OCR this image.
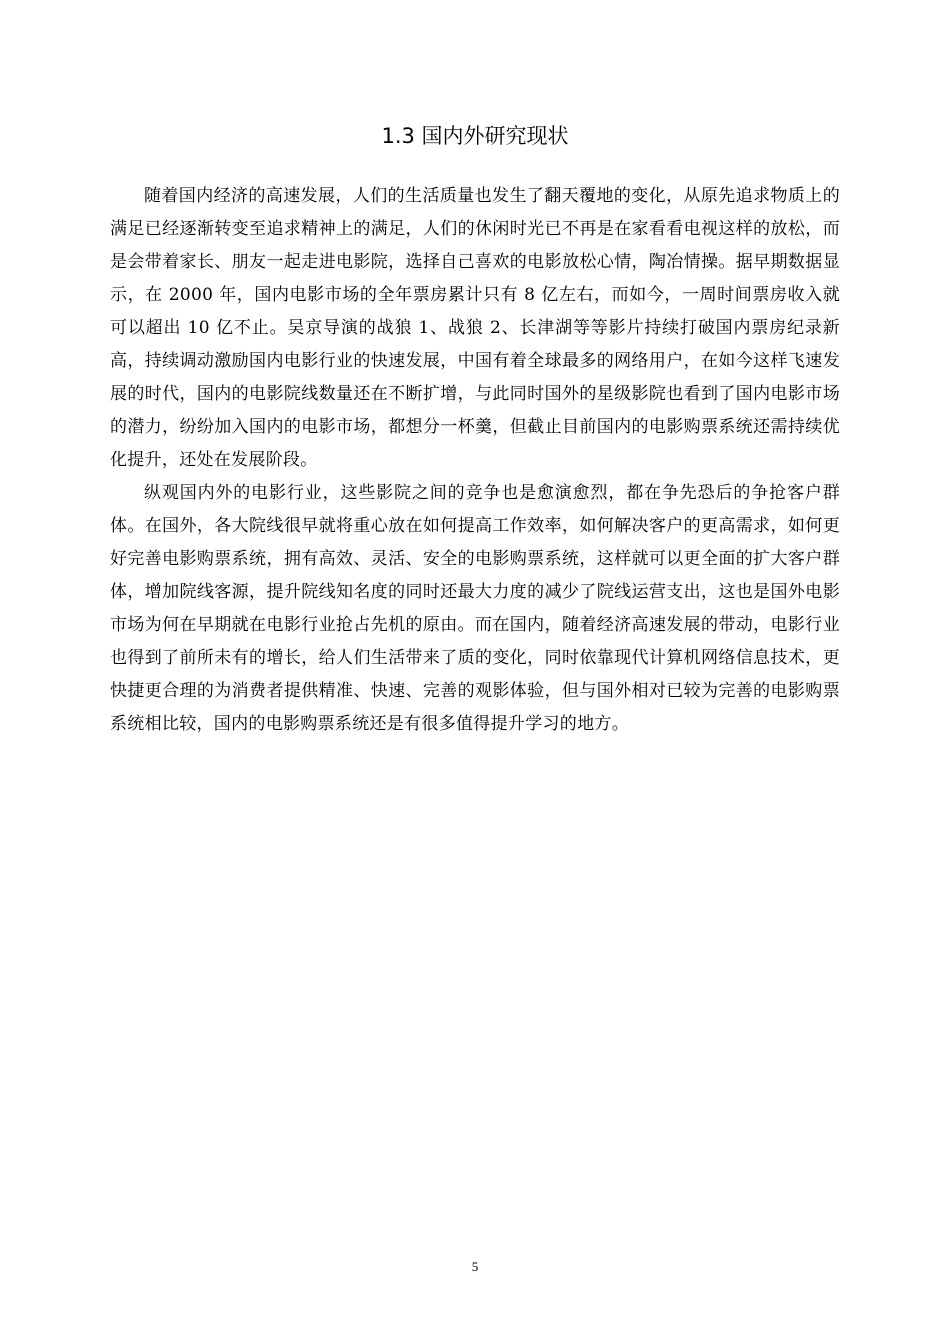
1.3 国内外研究现状

随着国内经济的高速发展，人们的生活质量也发生了翻天覆地的变化，从原先追求物质上的满足已经逐渐转变至追求精神上的满足，人们的休闲时光已不再是在家看看电视这样的放松，而是会带着家长、朋友一起走进电影院，选择自己喜欢的电影放松心情，陶冶情操。据早期数据显示，在 2000 年，国内电影市场的全年票房累计只有 8 亿左右，而如今，一周时间票房收入就可以超出 10 亿不止。吴京导演的战狼 1、战狼 2、长津湖等等影片持续打破国内票房纪录新高，持续调动激励国内电影行业的快速发展，中国有着全球最多的网络用户，在如今这样飞速发展的时代，国内的电影院线数量还在不断扩增，与此同时国外的星级影院也看到了国内电影市场的潜力，纷纷加入国内的电影市场，都想分一杯羹，但截止目前国内的电影购票系统还需持续优化提升，还处在发展阶段。

纵观国内外的电影行业，这些影院之间的竞争也是愈演愈烈，都在争先恐后的争抢客户群体。在国外，各大院线很早就将重心放在如何提高工作效率，如何解决客户的更高需求，如何更好完善电影购票系统，拥有高效、灵活、安全的电影购票系统，这样就可以更全面的扩大客户群体，增加院线客源，提升院线知名度的同时还最大力度的减少了院线运营支出，这也是国外电影市场为何在早期就在电影行业抢占先机的原由。而在国内，随着经济高速发展的带动，电影行业也得到了前所未有的增长，给人们生活带来了质的变化，同时依靠现代计算机网络信息技术，更快捷更合理的为消费者提供精准、快速、完善的观影体验，但与国外相对已较为完善的电影购票系统相比较，国内的电影购票系统还是有很多值得提升学习的地方。

5
